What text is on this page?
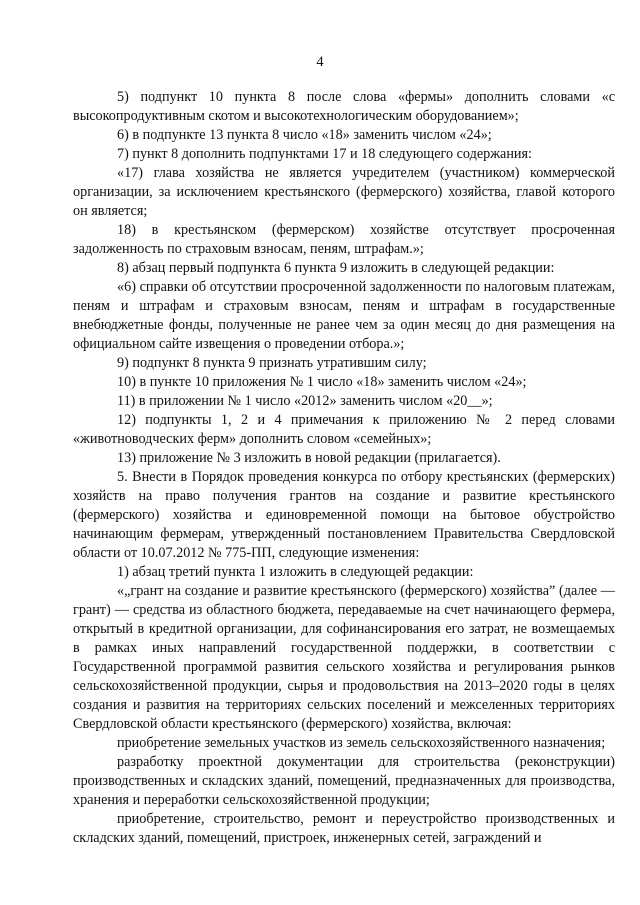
4

5) подпункт 10 пункта 8 после слова «фермы» дополнить словами «с высокопродуктивным скотом и высокотехнологическим оборудованием»;

6) в подпункте 13 пункта 8 число «18» заменить числом «24»;

7) пункт 8 дополнить подпунктами 17 и 18 следующего содержания:

«17) глава хозяйства не является учредителем (участником) коммерческой организации, за исключением крестьянского (фермерского) хозяйства, главой которого он является;

18) в крестьянском (фермерском) хозяйстве отсутствует просроченная задолженность по страховым взносам, пеням, штрафам.»;

8) абзац первый подпункта 6 пункта 9 изложить в следующей редакции:

«6) справки об отсутствии просроченной задолженности по налоговым платежам, пеням и штрафам и страховым взносам, пеням и штрафам в государственные внебюджетные фонды, полученные не ранее чем за один месяц до дня размещения на официальном сайте извещения о проведении отбора.»;

9) подпункт 8 пункта 9 признать утратившим силу;

10) в пункте 10 приложения № 1 число «18» заменить числом «24»;

11) в приложении № 1 число «2012» заменить числом «20__»;

12) подпункты 1, 2 и 4 примечания к приложению № 2 перед словами «животноводческих ферм» дополнить словом «семейных»;

13) приложение № 3 изложить в новой редакции (прилагается).

5. Внести в Порядок проведения конкурса по отбору крестьянских (фермерских) хозяйств на право получения грантов на создание и развитие крестьянского (фермерского) хозяйства и единовременной помощи на бытовое обустройство начинающим фермерам, утвержденный постановлением Правительства Свердловской области от 10.07.2012 № 775-ПП, следующие изменения:

1) абзац третий пункта 1 изложить в следующей редакции:

«„грант на создание и развитие крестьянского (фермерского) хозяйства” (далее — грант) — средства из областного бюджета, передаваемые на счет начинающего фермера, открытый в кредитной организации, для софинансирования его затрат, не возмещаемых в рамках иных направлений государственной поддержки, в соответствии с Государственной программой развития сельского хозяйства и регулирования рынков сельскохозяйственной продукции, сырья и продовольствия на 2013–2020 годы в целях создания и развития на территориях сельских поселений и межселенных территориях Свердловской области крестьянского (фермерского) хозяйства, включая:

приобретение земельных участков из земель сельскохозяйственного назначения;

разработку проектной документации для строительства (реконструкции) производственных и складских зданий, помещений, предназначенных для производства, хранения и переработки сельскохозяйственной продукции;

приобретение, строительство, ремонт и переустройство производственных и складских зданий, помещений, пристроек, инженерных сетей, заграждений и
